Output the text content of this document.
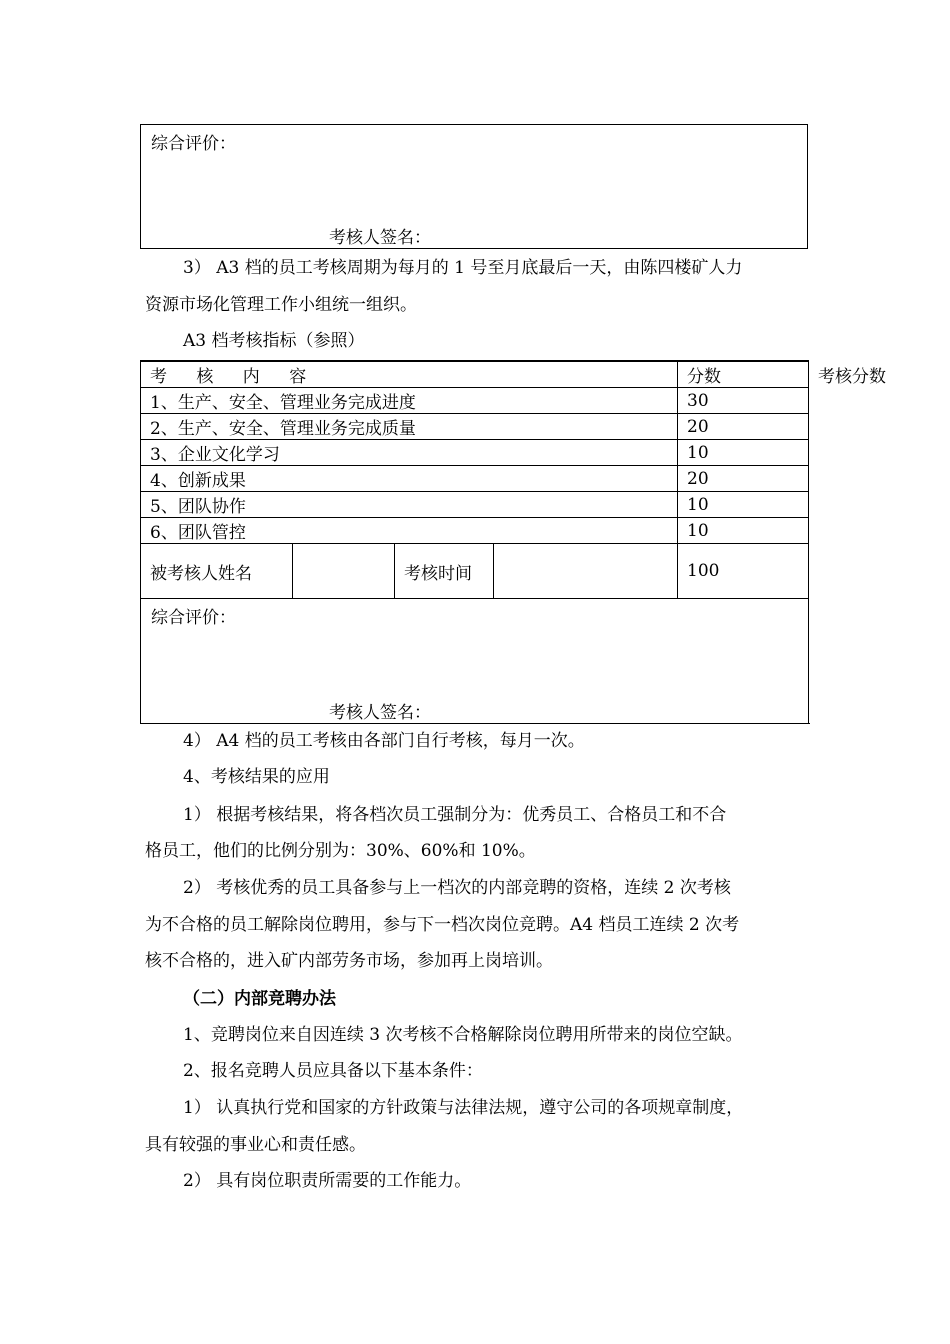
综合评价：
考核人签名：
3） A3 档的员工考核周期为每月的 1 号至月底最后一天，由陈四楼矿人力
资源市场化管理工作小组统一组织。
A3 档考核指标（参照）
考 核 内 容				分数	考核分数
1、生产、安全、管理业务完成进度				30	
2、生产、安全、管理业务完成质量				20	
3、企业文化学习				10	
4、创新成果				20	
5、团队协作				10	
6、团队管控				10	
被考核人姓名		考核时间		100	

综合评价：
考核人签名：					
4） A4 档的员工考核由各部门自行考核，每月一次。
4、考核结果的应用
1） 根据考核结果，将各档次员工强制分为：优秀员工、合格员工和不合
格员工，他们的比例分别为：30%、60%和 10%。
2） 考核优秀的员工具备参与上一档次的内部竞聘的资格，连续 2 次考核
为不合格的员工解除岗位聘用，参与下一档次岗位竞聘。A4 档员工连续 2 次考
核不合格的，进入矿内部劳务市场，参加再上岗培训。
（二）内部竞聘办法
1、竞聘岗位来自因连续 3 次考核不合格解除岗位聘用所带来的岗位空缺。
2、报名竞聘人员应具备以下基本条件：
1） 认真执行党和国家的方针政策与法律法规，遵守公司的各项规章制度，
具有较强的事业心和责任感。
2） 具有岗位职责所需要的工作能力。
